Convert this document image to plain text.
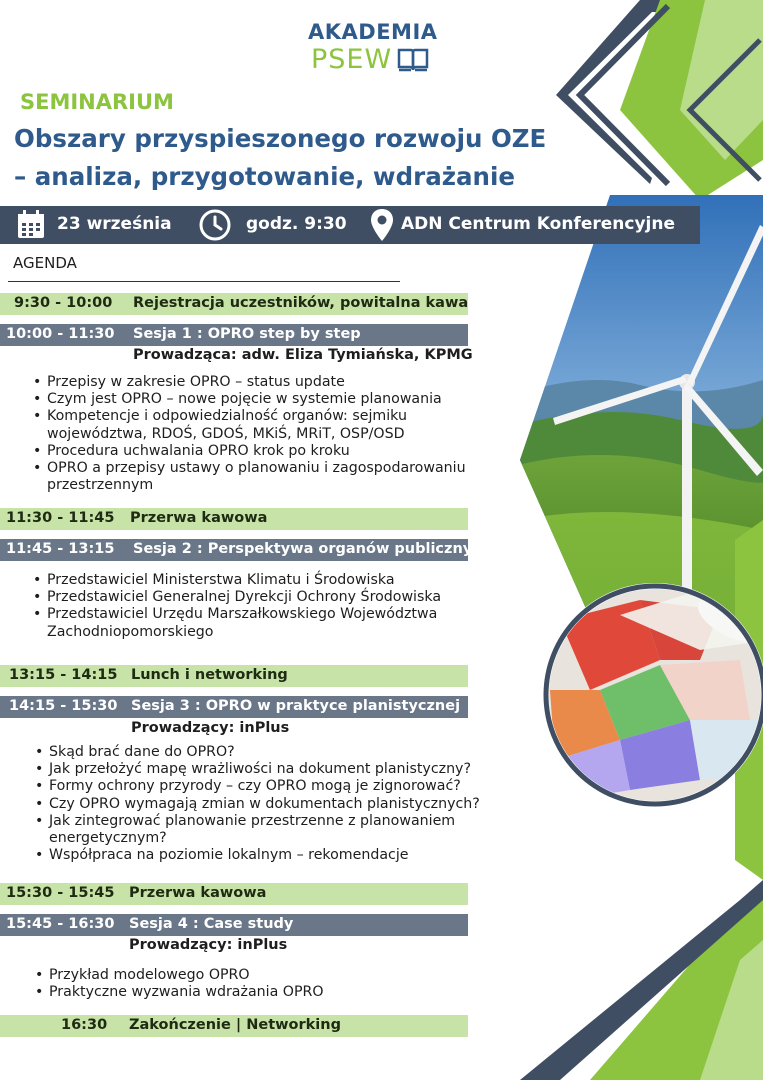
AKADEMIA
PSEW
SEMINARIUM
Obszary przyspieszonego rozwoju OZE
– analiza, przygotowanie, wdrażanie
23 września	godz. 9:30	ADN Centrum Konferencyjne
AGENDA
9:30 - 10:00 Rejestracja uczestników, powitalna kawa
10:00 - 11:30 Sesja 1 : OPRO step by step
Prowadząca: adw. Eliza Tymiańska, KPMG
• Przepisy w zakresie OPRO – status update
• Czym jest OPRO – nowe pojęcie w systemie planowania
• Kompetencje i odpowiedzialność organów: sejmiku województwa, RDOŚ, GDOŚ, MKiŚ, MRiT, OSP/OSD
• Procedura uchwalania OPRO krok po kroku
• OPRO a przepisy ustawy o planowaniu i zagospodarowaniu przestrzennym
11:30 - 11:45 Przerwa kawowa
11:45 - 13:15 Sesja 2 : Perspektywa organów publicznych
• Przedstawiciel Ministerstwa Klimatu i Środowiska
• Przedstawiciel Generalnej Dyrekcji Ochrony Środowiska
• Przedstawiciel Urzędu Marszałkowskiego Województwa Zachodniopomorskiego
13:15 - 14:15 Lunch i networking
14:15 - 15:30 Sesja 3 : OPRO w praktyce planistycznej
Prowadzący: inPlus
• Skąd brać dane do OPRO?
• Jak przełożyć mapę wrażliwości na dokument planistyczny?
• Formy ochrony przyrody – czy OPRO mogą je zignorować?
• Czy OPRO wymagają zmian w dokumentach planistycznych?
• Jak zintegrować planowanie przestrzenne z planowaniem energetycznym?
• Współpraca na poziomie lokalnym – rekomendacje
15:30 - 15:45 Przerwa kawowa
15:45 - 16:30 Sesja 4 : Case study
Prowadzący: inPlus
• Przykład modelowego OPRO
• Praktyczne wyzwania wdrażania OPRO
16:30 Zakończenie | Networking
